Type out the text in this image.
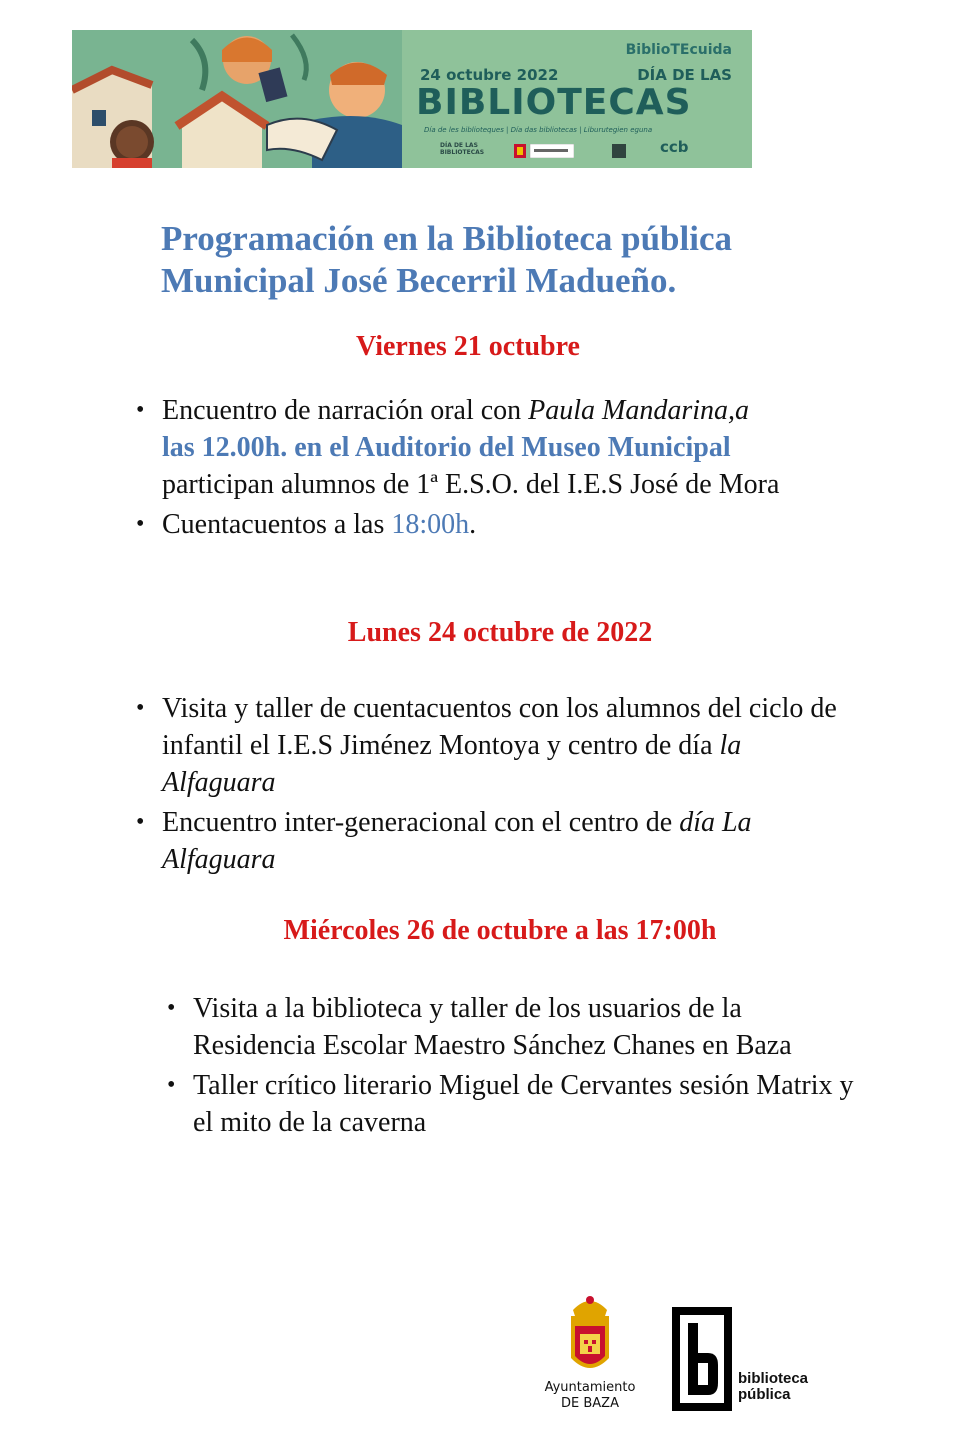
BiblioTEcuida
24 octubre 2022	DÍA DE LAS
BIBLIOTECAS
Día de les biblioteques | Día das bibliotecas | Liburutegien eguna
DÍA DE LAS BIBLIOTECAS	ccb
Programación en la Biblioteca pública
Municipal José Becerril Madueño.
Viernes 21 octubre
• Encuentro de narración oral con Paula Mandarina,a
las 12.00h. en el Auditorio del Museo Municipal
participan alumnos de 1ª E.S.O. del I.E.S José de Mora
• Cuentacuentos a las 18:00h.
Lunes 24 octubre de 2022
• Visita y taller de cuentacuentos con los alumnos del ciclo de infantil el I.E.S Jiménez Montoya y centro de día la Alfaguara
• Encuentro inter-generacional con el centro de día La Alfaguara
Miércoles 26 de octubre a las 17:00h
• Visita a la biblioteca y taller de los usuarios de la Residencia Escolar Maestro Sánchez Chanes en Baza
• Taller crítico literario Miguel de Cervantes sesión Matrix y el mito de la caverna
Ayuntamiento
DE BAZA
biblioteca
pública
